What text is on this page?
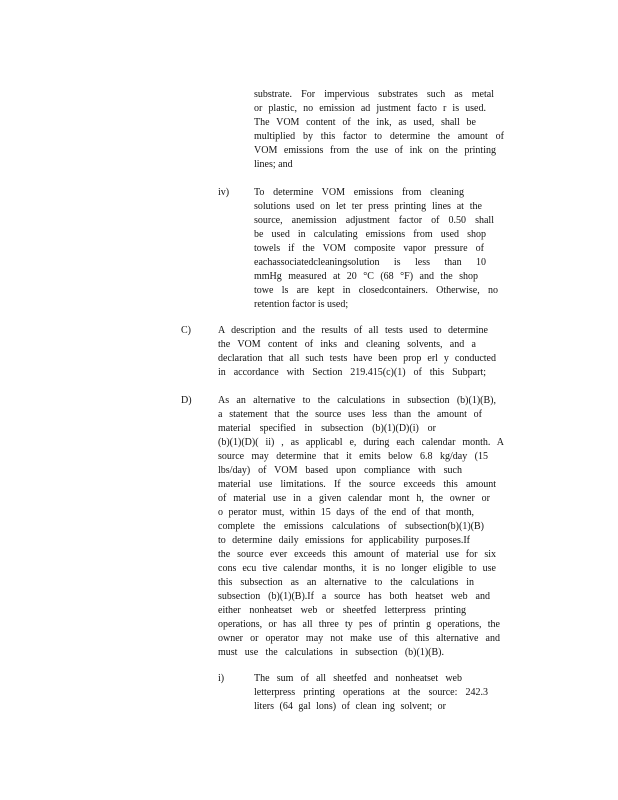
substrate. For impervious substrates such as metal
or plastic, no emission ad justment facto r is used.
The VOM content of the ink, as used, shall be
multiplied by this factor to determine the amount of
VOM emissions from the use of ink on the printing
lines; and
iv) To determine VOM emissions from cleaning
solutions used on let ter press printing lines at the
source, anemission adjustment factor of 0.50 shall
be used in calculating emissions from used shop
towels if the VOM composite vapor pressure of
eachassociatedcleaningsolution is less than 10
mmHg measured at 20 °C (68 °F) and the shop
towe ls are kept in closedcontainers. Otherwise, no
retention factor is used;
C)	A description and the results of all tests used to determine
the VOM content of inks and cleaning solvents, and a
declaration that all such tests have been prop erl y conducted
in accordance with Section 219.415(c)(1) of this Subpart;
D)	As an alternative to the calculations in subsection (b)(1)(B),
a statement that the source uses less than the amount of
material specified in subsection (b)(1)(D)(i) or
(b)(1)(D)( ii) , as applicabl e, during each calendar month. A
source may determine that it emits below 6.8 kg/day (15
lbs/day) of VOM based upon compliance with such
material use limitations. If the source exceeds this amount
of material use in a given calendar mont h, the owner or
o perator must, within 15 days of the end of that month,
complete the emissions calculations of subsection(b)(1)(B)
to determine daily emissions for applicability purposes.If
the source ever exceeds this amount of material use for six
cons ecu tive calendar months, it is no longer eligible to use
this subsection as an alternative to the calculations in
subsection (b)(1)(B).If a source has both heatset web and
either nonheatset web or sheetfed letterpress printing
operations, or has all three ty pes of printin g operations, the
owner or operator may not make use of this alternative and
must use the calculations in subsection (b)(1)(B).
i)	The sum of all sheetfed and nonheatset web
letterpress printing operations at the source: 242.3
liters (64 gal lons) of clean ing solvent; or
